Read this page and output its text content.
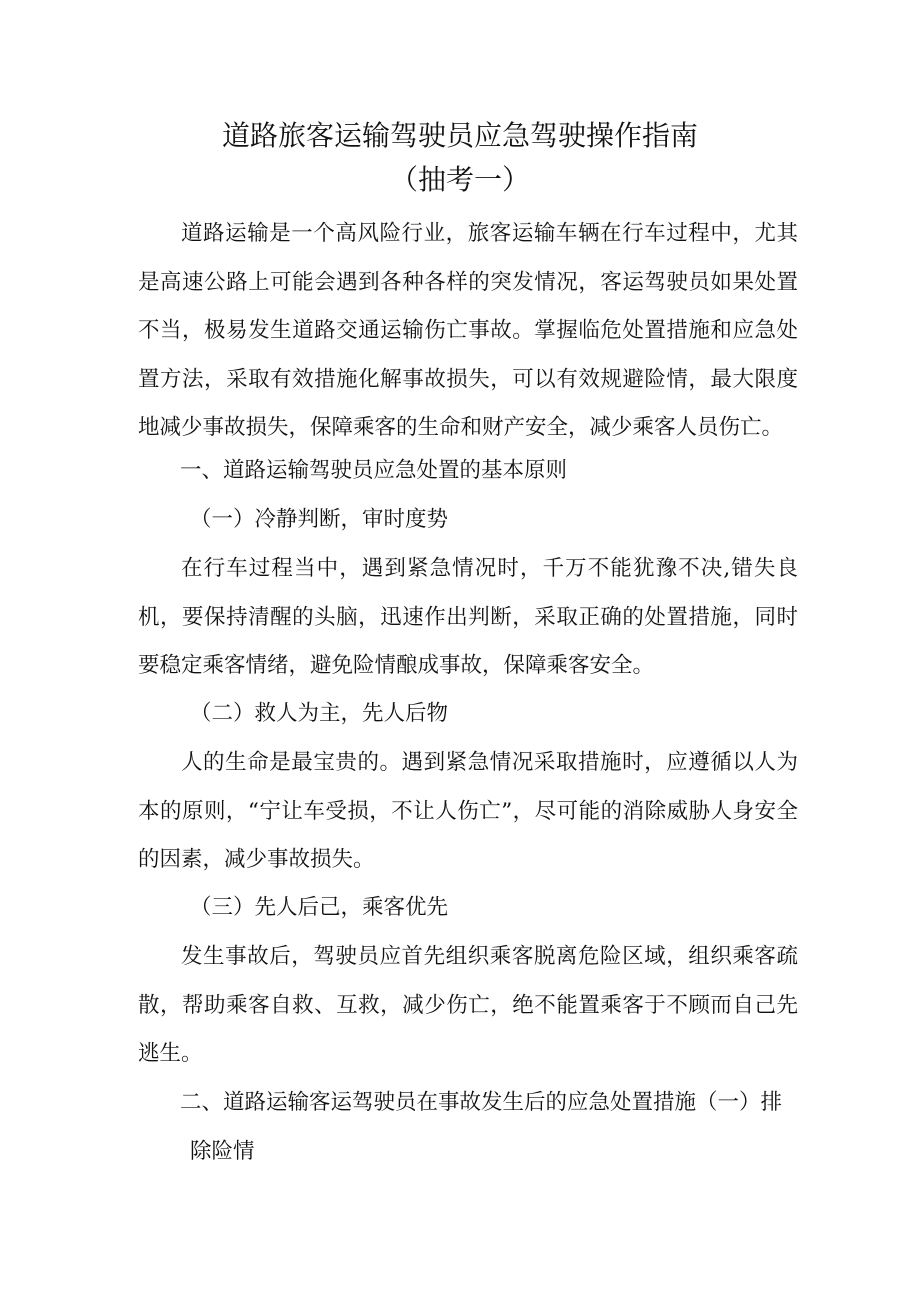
道路旅客运输驾驶员应急驾驶操作指南
（抽考一）

道路运输是一个高风险行业，旅客运输车辆在行车过程中，尤其是高速公路上可能会遇到各种各样的突发情况，客运驾驶员如果处置不当，极易发生道路交通运输伤亡事故。掌握临危处置措施和应急处置方法，采取有效措施化解事故损失，可以有效规避险情，最大限度地减少事故损失，保障乘客的生命和财产安全，减少乘客人员伤亡。

一、道路运输驾驶员应急处置的基本原则

（一）冷静判断，审时度势

在行车过程当中，遇到紧急情况时，千万不能犹豫不决,错失良机，要保持清醒的头脑，迅速作出判断，采取正确的处置措施，同时要稳定乘客情绪，避免险情酿成事故，保障乘客安全。

（二）救人为主，先人后物

人的生命是最宝贵的。遇到紧急情况采取措施时，应遵循以人为本的原则，“宁让车受损，不让人伤亡”，尽可能的消除威胁人身安全的因素，减少事故损失。

（三）先人后己，乘客优先

发生事故后，驾驶员应首先组织乘客脱离危险区域，组织乘客疏散，帮助乘客自救、互救，减少伤亡，绝不能置乘客于不顾而自己先逃生。

二、道路运输客运驾驶员在事故发生后的应急处置措施（一）排

除险情
